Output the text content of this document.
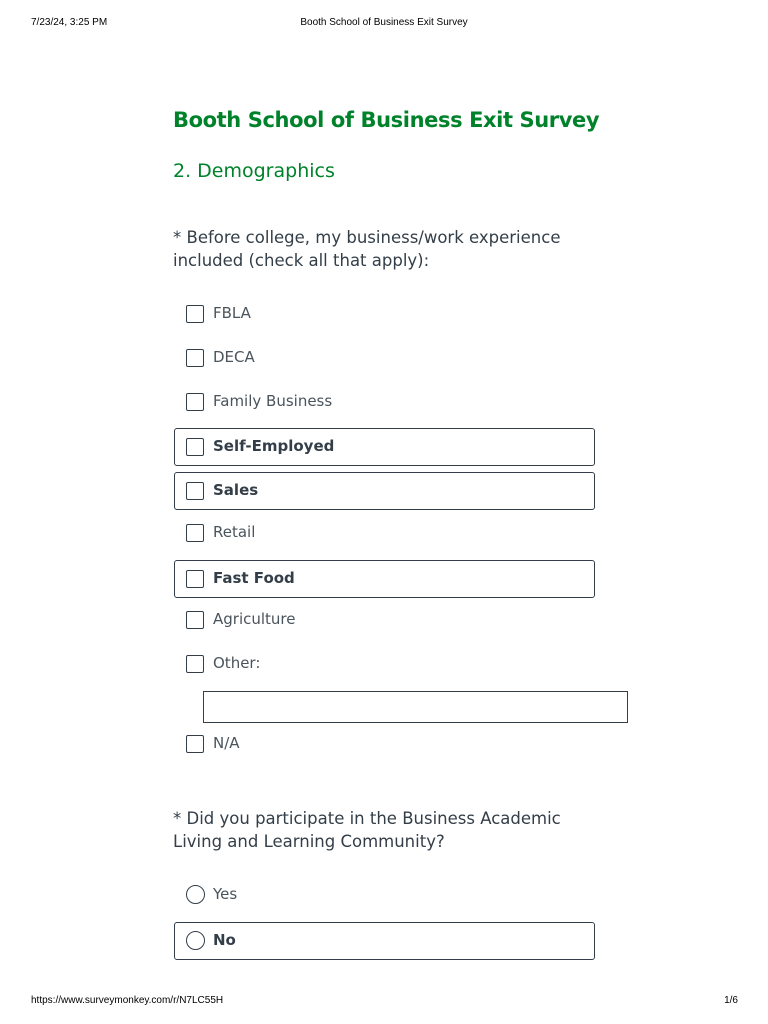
7/23/24, 3:25 PM	Booth School of Business Exit Survey
Booth School of Business Exit Survey
2. Demographics

* Before college, my business/work experience included (check all that apply):

FBLA
DECA
Family Business
Self-Employed
Sales
Retail
Fast Food
Agriculture
Other:
N/A

* Did you participate in the Business Academic Living and Learning Community?

Yes
No
https://www.surveymonkey.com/r/N7LC55H	1/6
